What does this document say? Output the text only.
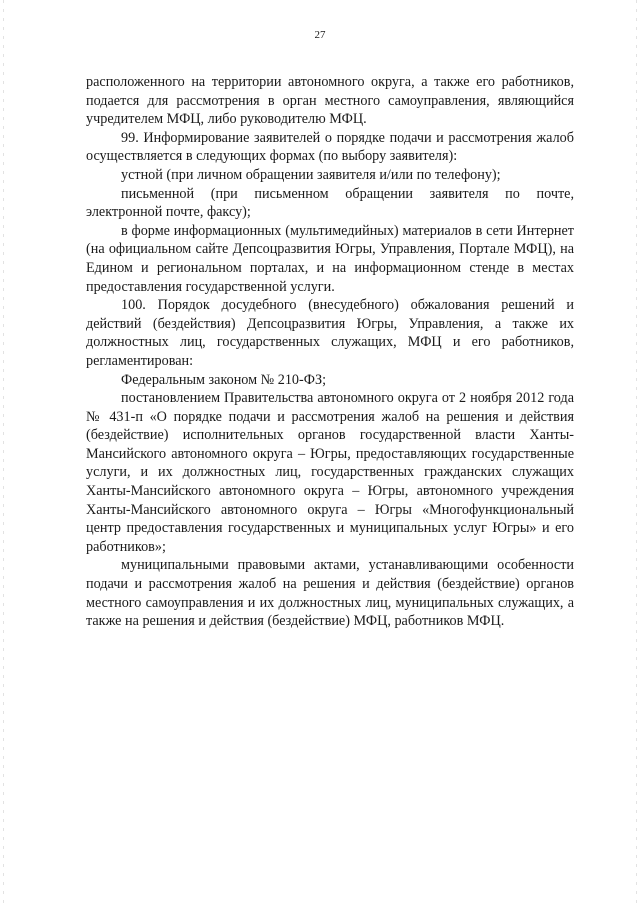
27

расположенного на территории автономного округа, а также его работников, подается для рассмотрения в орган местного самоуправления, являющийся учредителем МФЦ, либо руководителю МФЦ.

99. Информирование заявителей о порядке подачи и рассмотрения жалоб осуществляется в следующих формах (по выбору заявителя):

устной (при личном обращении заявителя и/или по телефону);

письменной (при письменном обращении заявителя по почте, электронной почте, факсу);

в форме информационных (мультимедийных) материалов в сети Интернет (на официальном сайте Депсоцразвития Югры, Управления, Портале МФЦ), на Едином и региональном порталах, и на информационном стенде в местах предоставления государственной услуги.

100. Порядок досудебного (внесудебного) обжалования решений и действий (бездействия) Депсоцразвития Югры, Управления, а также их должностных лиц, государственных служащих, МФЦ и его работников, регламентирован:

Федеральным законом № 210-ФЗ;

постановлением Правительства автономного округа от 2 ноября 2012 года № 431-п «О порядке подачи и рассмотрения жалоб на решения и действия (бездействие) исполнительных органов государственной власти Ханты-Мансийского автономного округа – Югры, предоставляющих государственные услуги, и их должностных лиц, государственных гражданских служащих Ханты-Мансийского автономного округа – Югры, автономного учреждения Ханты-Мансийского автономного округа – Югры «Многофункциональный центр предоставления государственных и муниципальных услуг Югры» и его работников»;

муниципальными правовыми актами, устанавливающими особенности подачи и рассмотрения жалоб на решения и действия (бездействие) органов местного самоуправления и их должностных лиц, муниципальных служащих, а также на решения и действия (бездействие) МФЦ, работников МФЦ.
